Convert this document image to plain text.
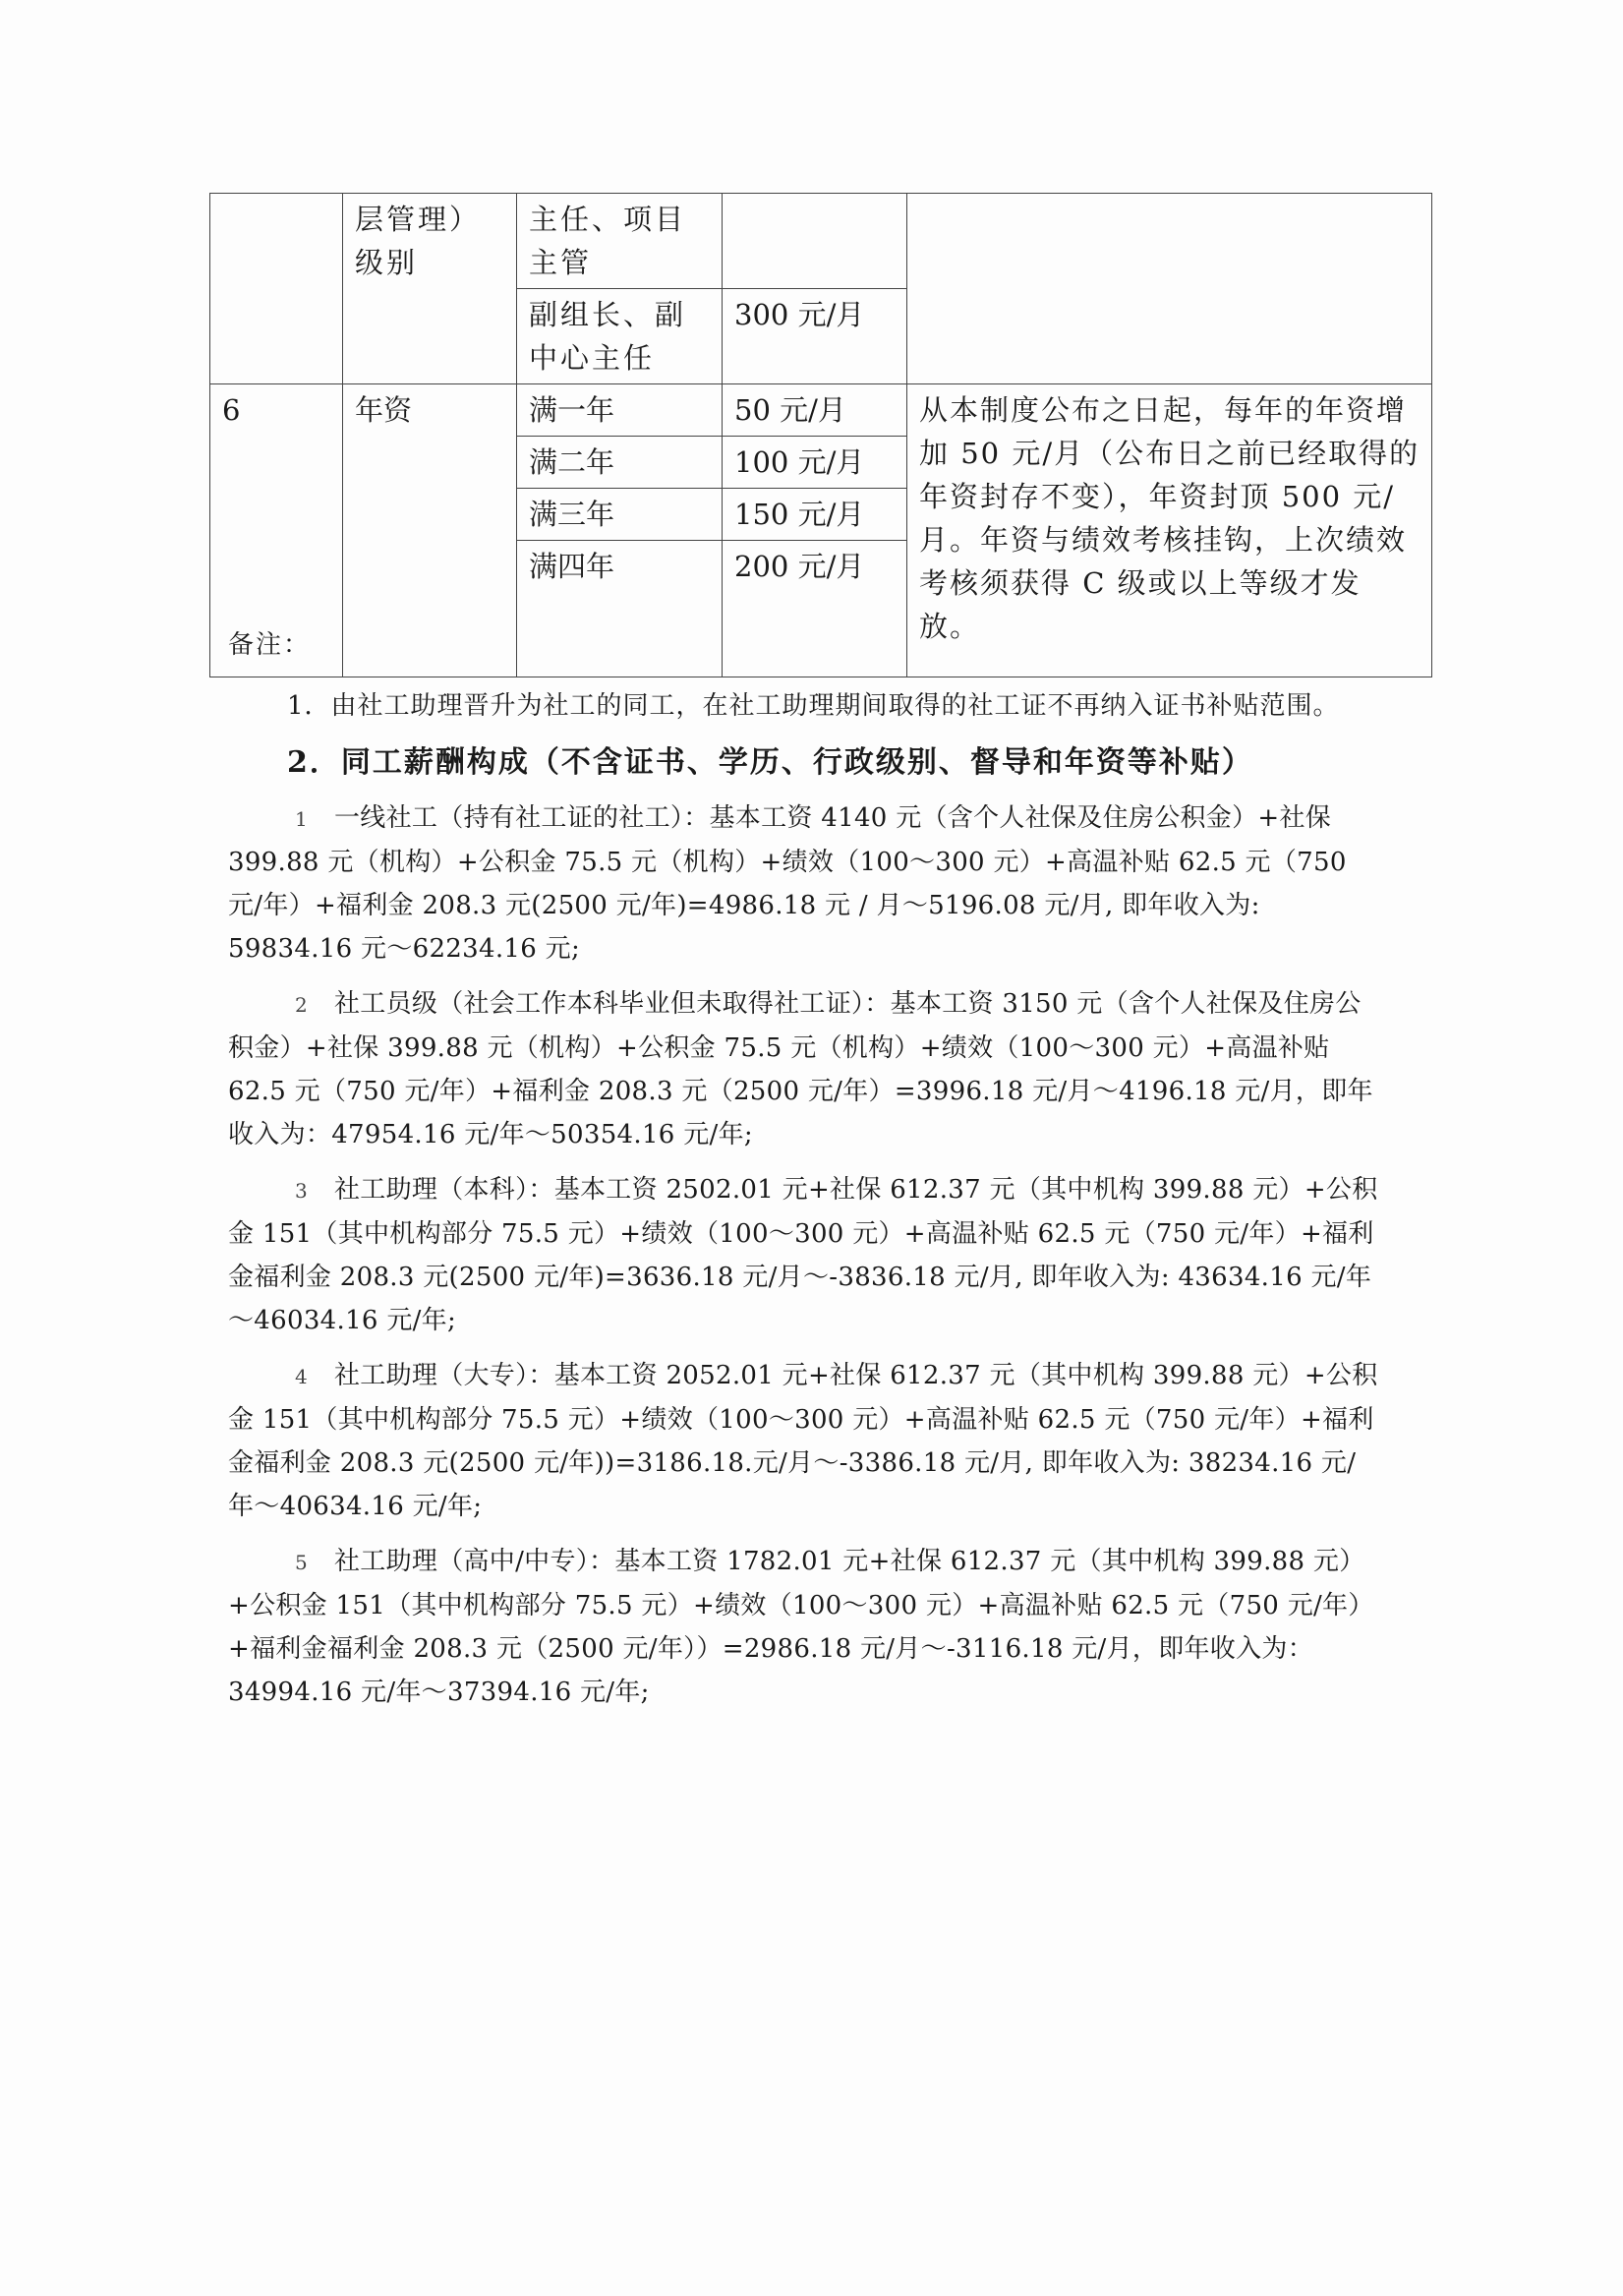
	层管理）级别	主任、项目主管		
		副组长、副中心主任	300 元/月	
6	年资	满一年	50 元/月	从本制度公布之日起，每年的年资增加 50 元/月（公布日之前已经取得的年资封存不变），年资封顶 500 元/月。年资与绩效考核挂钩，上次绩效考核须获得 C 级或以上等级才发放。
		满二年	100 元/月	
		满三年	150 元/月	
		满四年	200 元/月	

备注：

1．由社工助理晋升为社工的同工，在社工助理期间取得的社工证不再纳入证书补贴范围。

2．同工薪酬构成（不含证书、学历、行政级别、督导和年资等补贴）

1 一线社工（持有社工证的社工）：基本工资 4140 元（含个人社保及住房公积金）+社保 399.88 元（机构）+公积金 75.5 元（机构）+绩效（100～300 元）+高温补贴 62.5 元（750 元/年）+福利金 208.3 元(2500 元/年)=4986.18 元 / 月～5196.08 元/月, 即年收入为: 59834.16 元～62234.16 元;

2 社工员级（社会工作本科毕业但未取得社工证）：基本工资 3150 元（含个人社保及住房公积金）+社保 399.88 元（机构）+公积金 75.5 元（机构）+绩效（100～300 元）+高温补贴 62.5 元（750 元/年）+福利金 208.3 元（2500 元/年）=3996.18 元/月～4196.18 元/月，即年收入为：47954.16 元/年～50354.16 元/年;

3 社工助理（本科）：基本工资 2502.01 元+社保 612.37 元（其中机构 399.88 元）+公积金 151（其中机构部分 75.5 元）+绩效（100～300 元）+高温补贴 62.5 元（750 元/年）+福利金福利金 208.3 元(2500 元/年)=3636.18 元/月～-3836.18 元/月, 即年收入为: 43634.16 元/年～46034.16 元/年;

4 社工助理（大专）：基本工资 2052.01 元+社保 612.37 元（其中机构 399.88 元）+公积金 151（其中机构部分 75.5 元）+绩效（100～300 元）+高温补贴 62.5 元（750 元/年）+福利金福利金 208.3 元(2500 元/年))=3186.18.元/月～-3386.18 元/月, 即年收入为: 38234.16 元/年～40634.16 元/年;

5 社工助理（高中/中专）：基本工资 1782.01 元+社保 612.37 元（其中机构 399.88 元）+公积金 151（其中机构部分 75.5 元）+绩效（100～300 元）+高温补贴 62.5 元（750 元/年）+福利金福利金 208.3 元（2500 元/年））=2986.18 元/月～-3116.18 元/月，即年收入为：34994.16 元/年～37394.16 元/年;
